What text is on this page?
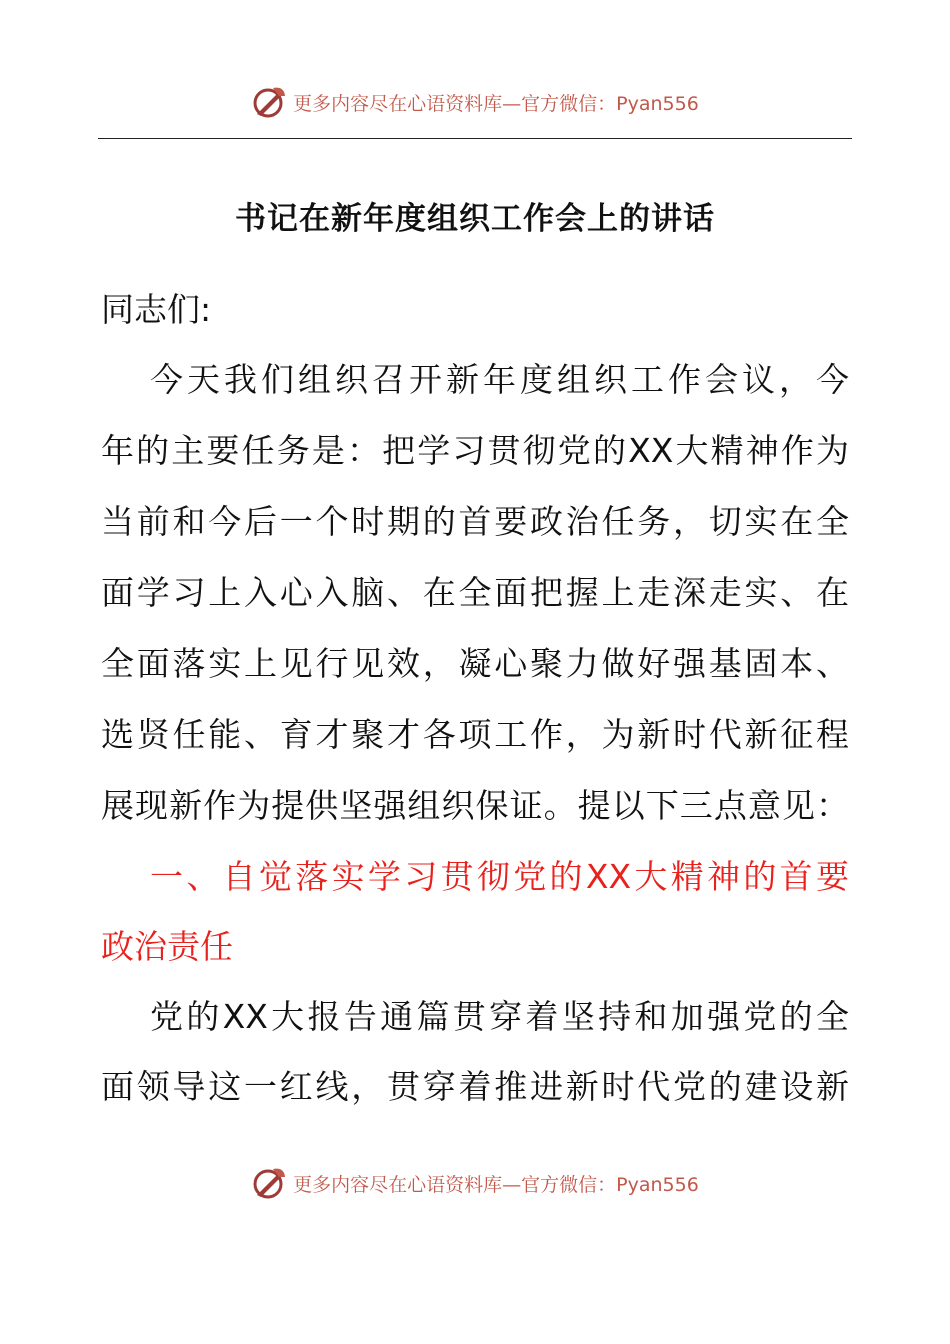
更多内容尽在心语资料库—官方微信：Pyan556
书记在新年度组织工作会上的讲话
同志们:
今天我们组织召开新年度组织工作会议，今
年的主要任务是：把学习贯彻党的XX大精神作为
当前和今后一个时期的首要政治任务，切实在全
面学习上入心入脑、在全面把握上走深走实、在
全面落实上见行见效，凝心聚力做好强基固本、
选贤任能、育才聚才各项工作，为新时代新征程
展现新作为提供坚强组织保证。提以下三点意见：
一、自觉落实学习贯彻党的XX大精神的首要
政治责任
党的XX大报告通篇贯穿着坚持和加强党的全
面领导这一红线，贯穿着推进新时代党的建设新
更多内容尽在心语资料库—官方微信：Pyan556
